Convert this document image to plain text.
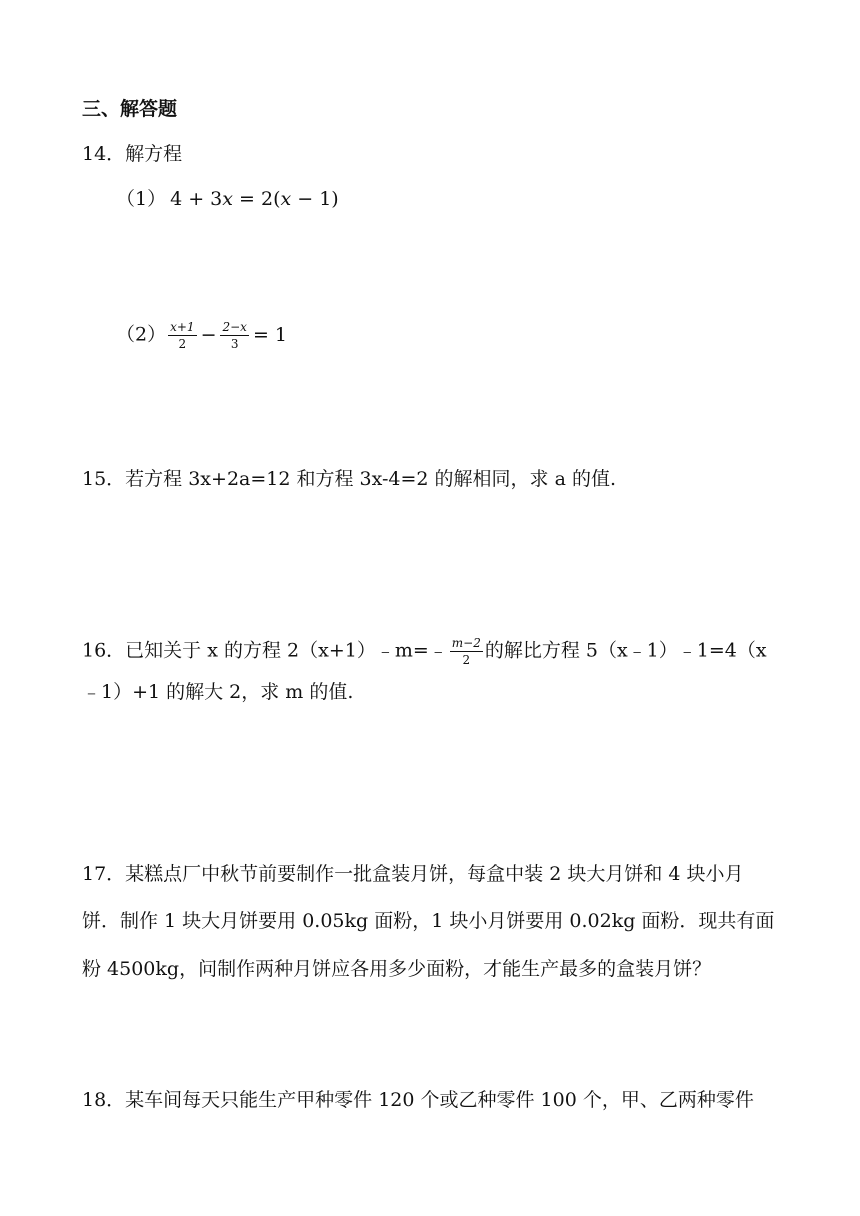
三、解答题
14．解方程
（1） 4 + 3𝑥 = 2(𝑥 − 1)
$(2) \frac{x+1}{2} - \frac{2-x}{3} = 1$
15．若方程 3x+2a=12 和方程 3x-4=2 的解相同，求 a 的值.
16．已知关于 x 的方程 2（x+1）﹣m=﹣ $\frac{m-2}{2}$ 的解比方程 5（x﹣1）﹣1=4（x
﹣1）+1 的解大 2，求 m 的值.
17．某糕点厂中秋节前要制作一批盒装月饼，每盒中装 2 块大月饼和 4 块小月
饼．制作 1 块大月饼要用 0.05kg 面粉，1 块小月饼要用 0.02kg 面粉．现共有面
粉 4500kg，问制作两种月饼应各用多少面粉，才能生产最多的盒装月饼？
18．某车间每天只能生产甲种零件 120 个或乙种零件 100 个，甲、乙两种零件
